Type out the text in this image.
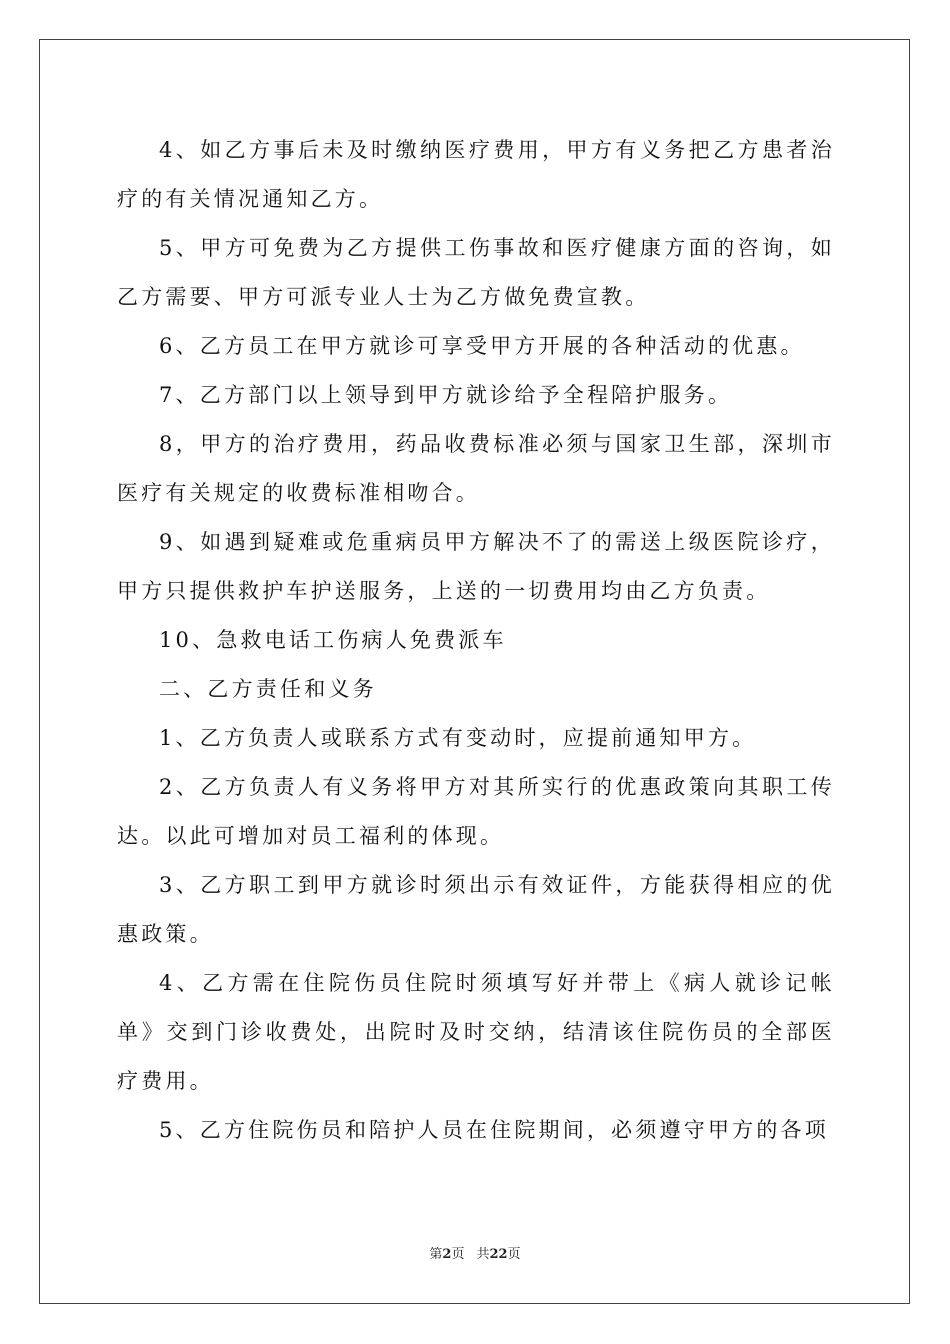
4、如乙方事后未及时缴纳医疗费用，甲方有义务把乙方患者治疗的有关情况通知乙方。

5、甲方可免费为乙方提供工伤事故和医疗健康方面的咨询，如乙方需要、甲方可派专业人士为乙方做免费宣教。

6、乙方员工在甲方就诊可享受甲方开展的各种活动的优惠。

7、乙方部门以上领导到甲方就诊给予全程陪护服务。

8，甲方的治疗费用，药品收费标准必须与国家卫生部，深圳市医疗有关规定的收费标准相吻合。

9、如遇到疑难或危重病员甲方解决不了的需送上级医院诊疗，甲方只提供救护车护送服务，上送的一切费用均由乙方负责。

10、急救电话工伤病人免费派车

二、乙方责任和义务

1、乙方负责人或联系方式有变动时，应提前通知甲方。

2、乙方负责人有义务将甲方对其所实行的优惠政策向其职工传达。以此可增加对员工福利的体现。

3、乙方职工到甲方就诊时须出示有效证件，方能获得相应的优惠政策。

4、乙方需在住院伤员住院时须填写好并带上《病人就诊记帐单》交到门诊收费处，出院时及时交纳，结清该住院伤员的全部医疗费用。

5、乙方住院伤员和陪护人员在住院期间，必须遵守甲方的各项

第2页 共22页
